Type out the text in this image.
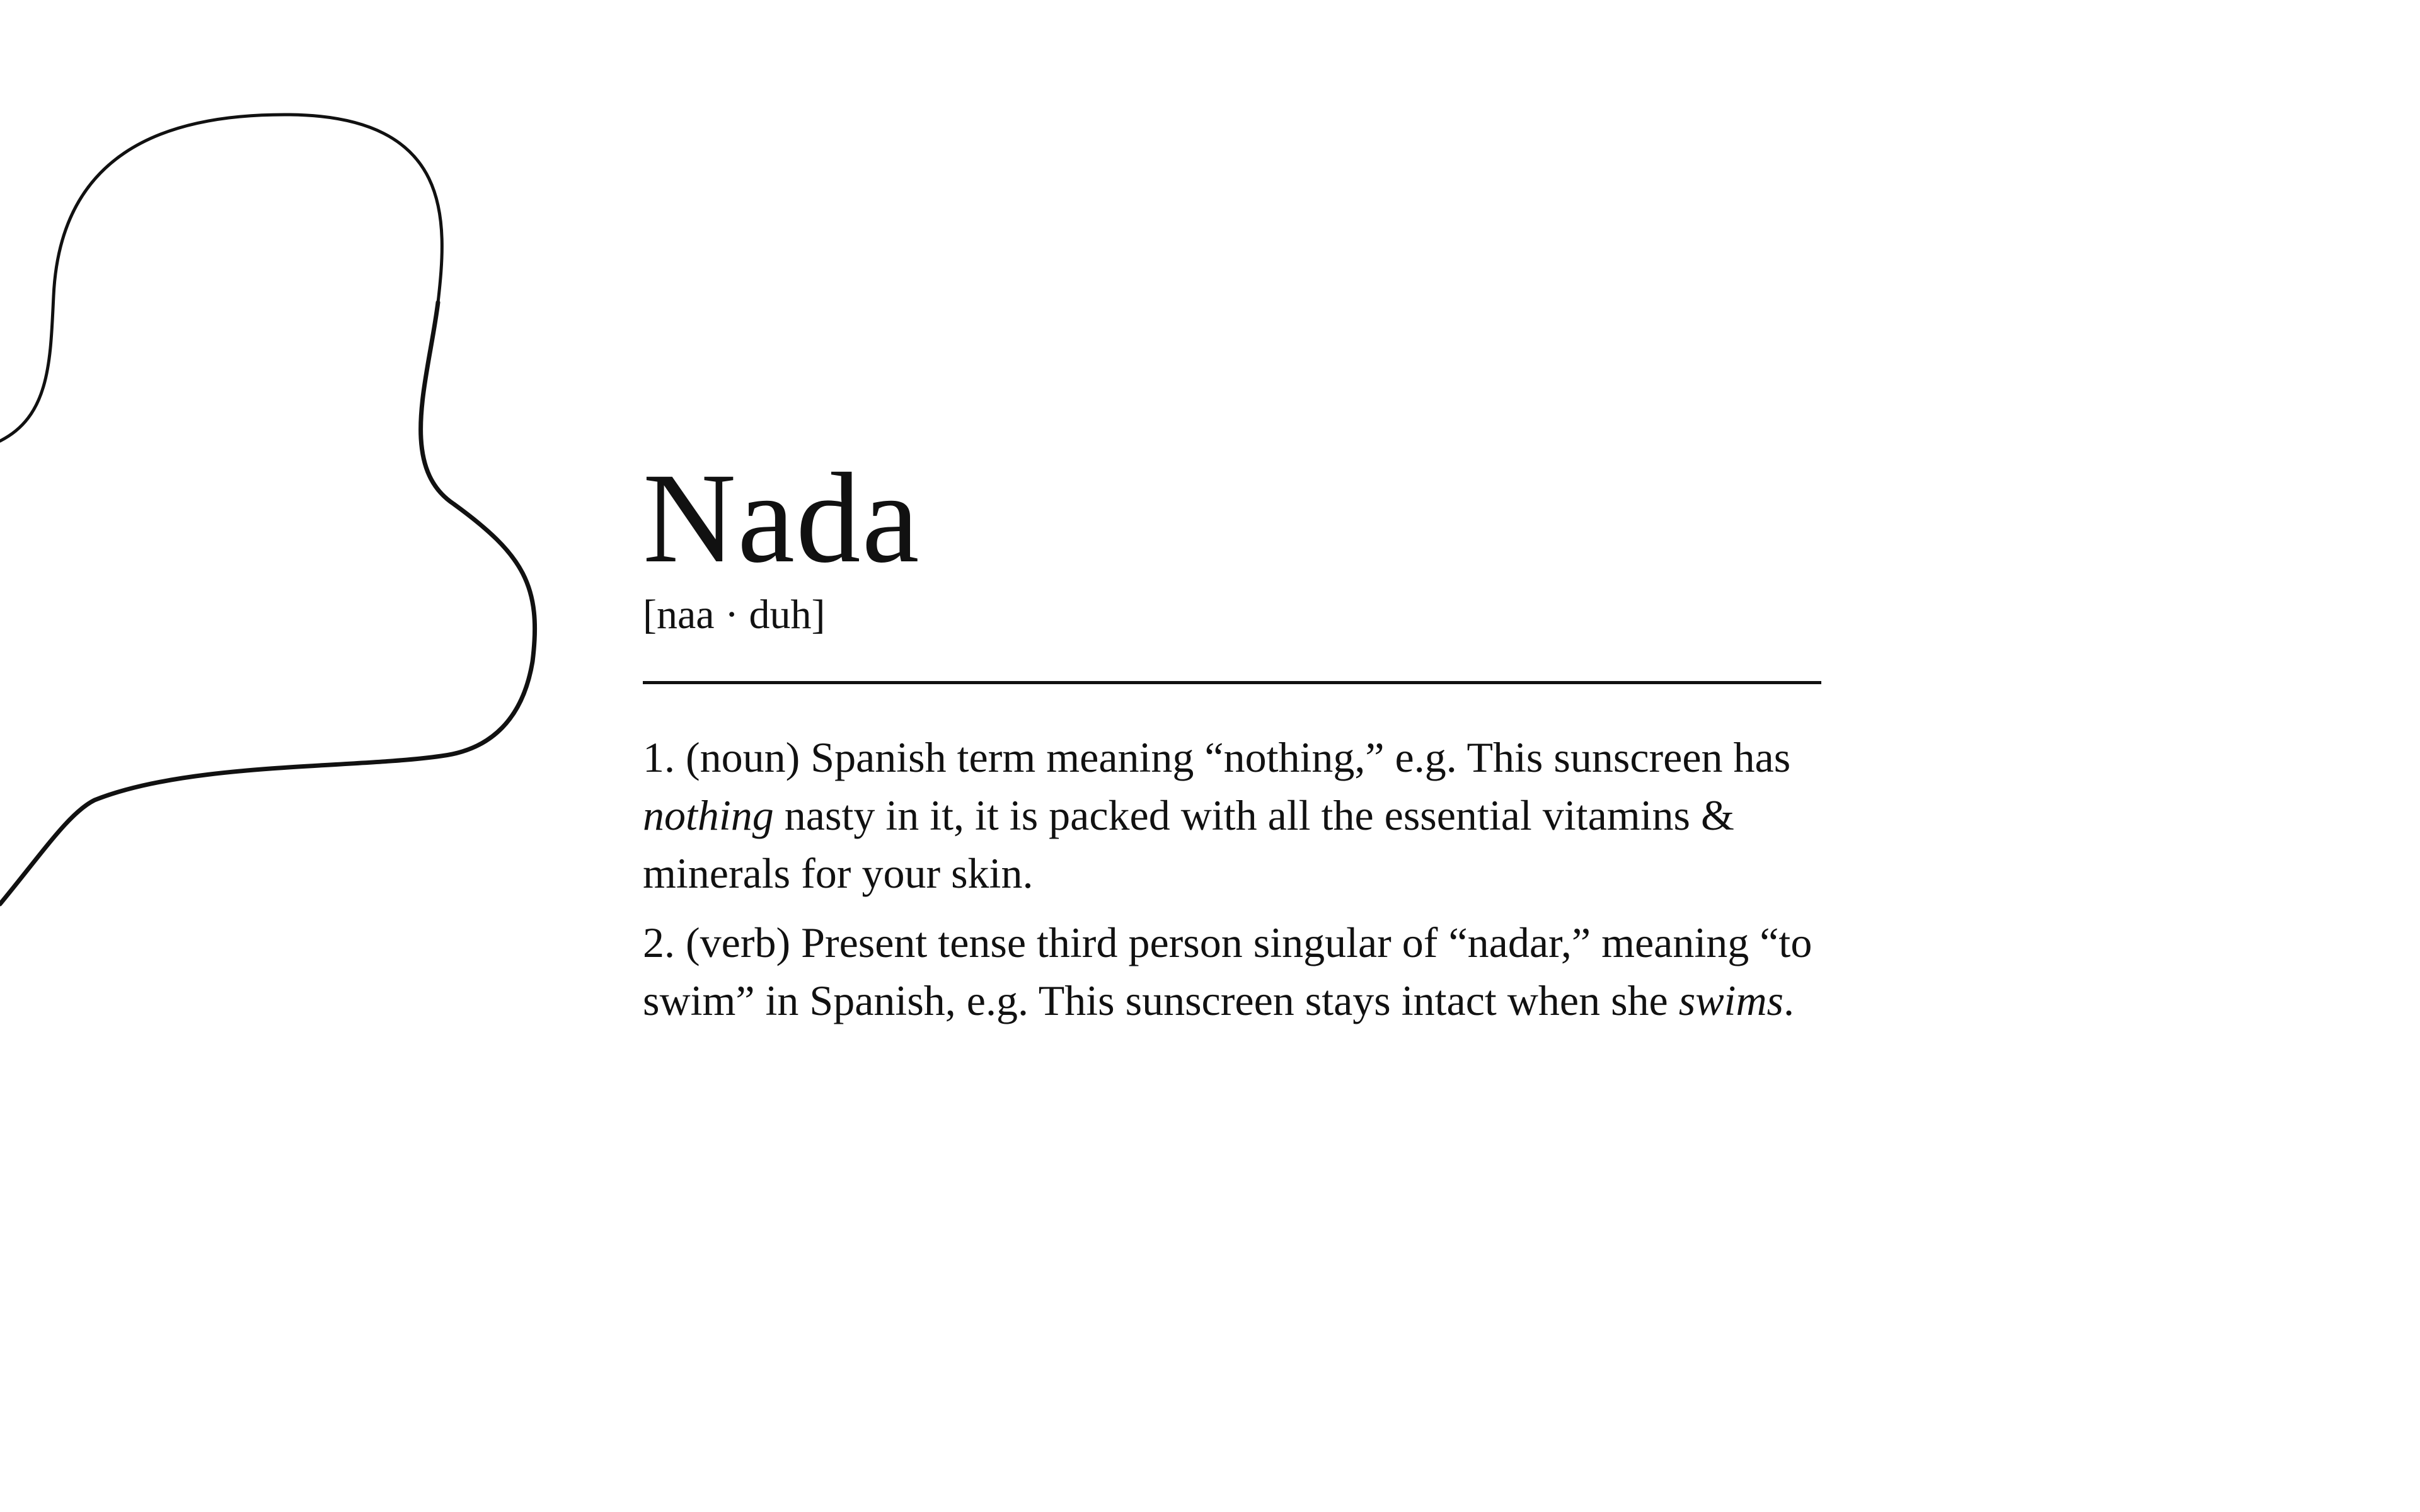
Nada
[naa · duh]

1. (noun) Spanish term meaning “nothing,” e.g. This sunscreen has nothing nasty in it, it is packed with all the essential vitamins & minerals for your skin.

2. (verb) Present tense third person singular of “nadar,” meaning “to swim” in Spanish, e.g. This sunscreen stays intact when she swims.
